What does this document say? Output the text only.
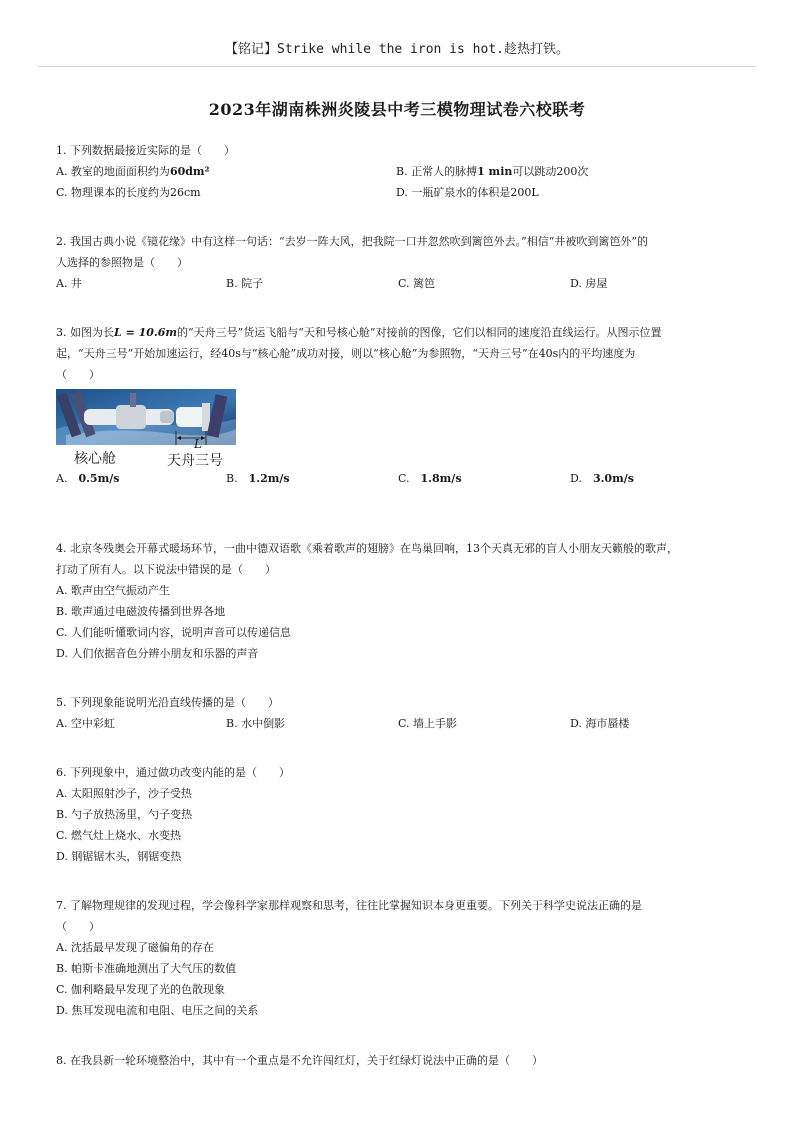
【铭记】Strike while the iron is hot.趁热打铁。
2023年湖南株洲炎陵县中考三模物理试卷六校联考

1. 下列数据最接近实际的是（　　）

A. 教室的地面面积约为60dm²	B. 正常人的脉搏1 min可以跳动200次
C. 物理课本的长度约为26cm	D. 一瓶矿泉水的体积是200L

2. 我国古典小说《镜花缘》中有这样一句话：“去岁一阵大风，把我院一口井忽然吹到篱笆外去。”相信“井被吹到篱笆外”的

人选择的参照物是（　　）

A. 井	B. 院子	C. 篱笆	D. 房屋

3. 如图为长L = 10.6m的“天舟三号”货运飞船与“天和号核心舱”对接前的图像，它们以相同的速度沿直线运行。从图示位置

起，“天舟三号”开始加速运行，经40s与“核心舱”成功对接，则以“核心舱”为参照物，“天舟三号”在40s内的平均速度为

（　　）

L
核心舱	天舟三号
A.　 0.5m/s	B.　 1.2m/s	C.　 1.8m/s	D.　 3.0m/s

4. 北京冬残奥会开幕式暖场环节，一曲中德双语歌《乘着歌声的翅膀》在鸟巢回响，13个天真无邪的盲人小朋友天籁般的歌声，

打动了所有人。以下说法中错误的是（　　）

A. 歌声由空气振动产生
B. 歌声通过电磁波传播到世界各地
C. 人们能听懂歌词内容，说明声音可以传递信息
D. 人们依据音色分辨小朋友和乐器的声音

5. 下列现象能说明光沿直线传播的是（　　）

A. 空中彩虹	B. 水中倒影	C. 墙上手影	D. 海市蜃楼

6. 下列现象中，通过做功改变内能的是（　　）

A. 太阳照射沙子，沙子受热
B. 勺子放热汤里，勺子变热
C. 燃气灶上烧水、水变热
D. 钢锯锯木头，钢锯变热

7. 了解物理规律的发现过程，学会像科学家那样观察和思考，往往比掌握知识本身更重要。下列关于科学史说法正确的是

（　　）

A. 沈括最早发现了磁偏角的存在
B. 帕斯卡准确地测出了大气压的数值
C. 伽利略最早发现了光的色散现象
D. 焦耳发现电流和电阻、电压之间的关系

8. 在我县新一轮环境整治中，其中有一个重点是不允许闯红灯，关于红绿灯说法中正确的是（　　）
